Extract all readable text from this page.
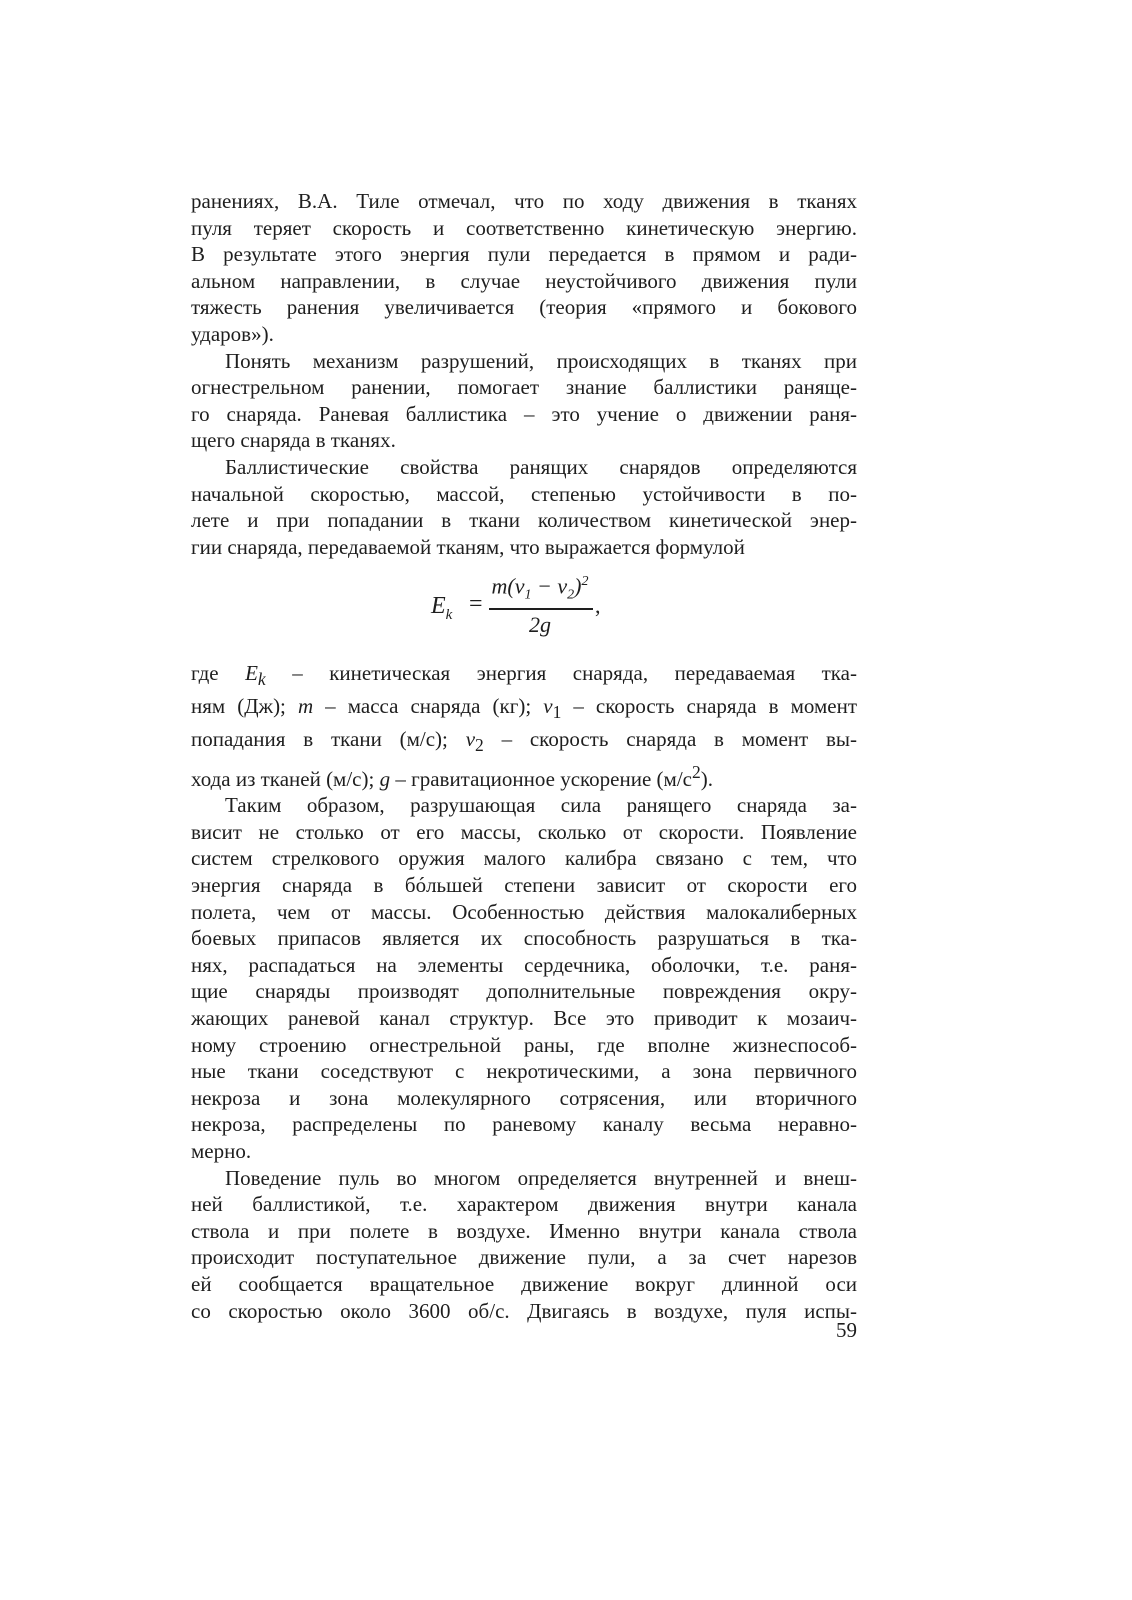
ранениях, В.А. Тиле отмечал, что по ходу движения в тканях
пуля теряет скорость и соответственно кинетическую энергию.
В результате этого энергия пули передается в прямом и ради-
альном направлении, в случае неустойчивого движения пули
тяжесть ранения увеличивается (теория «прямого и бокового
ударов»).
Понять механизм разрушений, происходящих в тканях при
огнестрельном ранении, помогает знание баллистики раняще-
го снаряда. Раневая баллистика – это учение о движении раня-
щего снаряда в тканях.
Баллистические свойства ранящих снарядов определяются
начальной скоростью, массой, степенью устойчивости в по-
лете и при попадании в ткани количеством кинетической энер-
гии снаряда, передаваемой тканям, что выражается формулой
$E_k$ =
$m(v_1 - v_2)^2$
2g
,
где $E_k$ – кинетическая энергия снаряда, передаваемая тка-
ням (Дж); m – масса снаряда (кг); $v_1$ – скорость снаряда в момент
попадания в ткани (м/с); $v_2$ – скорость снаряда в момент вы-
хода из тканей (м/с); g – гравитационное ускорение $(м/с^2)$.
Таким образом, разрушающая сила ранящего снаряда за-
висит не столько от его массы, сколько от скорости. Появление
систем стрелкового оружия малого калибра связано с тем, что
энергия снаряда в бóльшей степени зависит от скорости его
полета, чем от массы. Особенностью действия малокалиберных
боевых припасов является их способность разрушаться в тка-
нях, распадаться на элементы сердечника, оболочки, т.е. раня-
щие снаряды производят дополнительные повреждения окру-
жающих раневой канал структур. Все это приводит к мозаич-
ному строению огнестрельной раны, где вполне жизнеспособ-
ные ткани соседствуют с некротическими, а зона первичного
некроза и зона молекулярного сотрясения, или вторичного
некроза, распределены по раневому каналу весьма неравно-
мерно.
Поведение пуль во многом определяется внутренней и внеш-
ней баллистикой, т.е. характером движения внутри канала
ствола и при полете в воздухе. Именно внутри канала ствола
происходит поступательное движение пули, а за счет нарезов
ей сообщается вращательное движение вокруг длинной оси
со скоростью около 3600 об/с. Двигаясь в воздухе, пуля испы-
59
